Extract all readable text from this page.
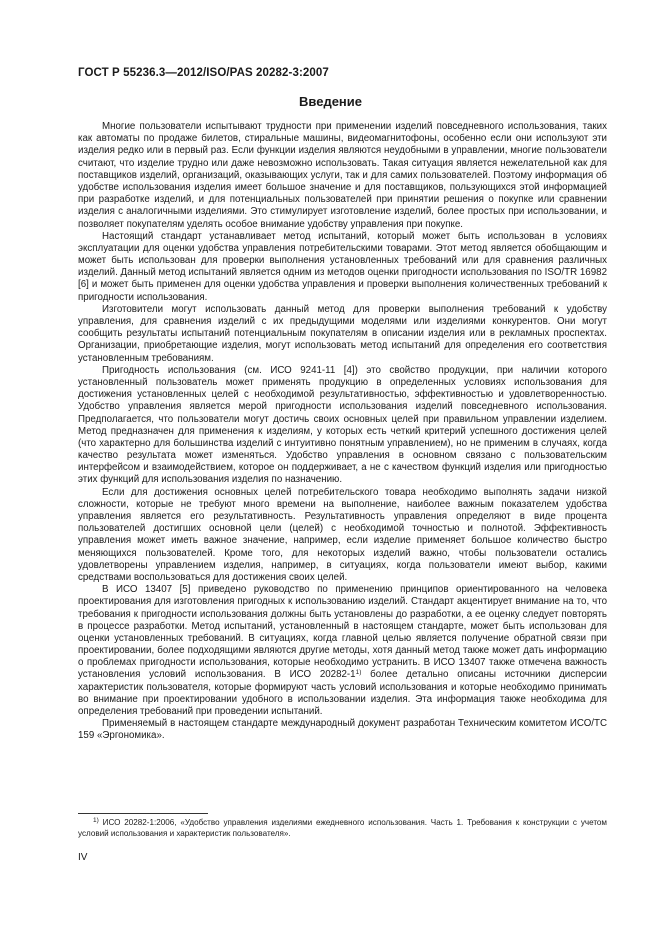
ГОСТ Р 55236.3—2012/ISO/PAS 20282-3:2007
Введение

Многие пользователи испытывают трудности при применении изделий повседневного использования, таких как автоматы по продаже билетов, стиральные машины, видеомагнитофоны, особенно если они используют эти изделия редко или в первый раз. Если функции изделия являются неудобными в управлении, многие пользователи считают, что изделие трудно или даже невозможно использовать. Такая ситуация является нежелательной как для поставщиков изделий, организаций, оказывающих услуги, так и для самих пользователей. Поэтому информация об удобстве использования изделия имеет большое значение и для поставщиков, пользующихся этой информацией при разработке изделий, и для потенциальных пользователей при принятии решения о покупке или сравнении изделия с аналогичными изделиями. Это стимулирует изготовление изделий, более простых при использовании, и позволяет покупателям уделять особое внимание удобству управления при покупке.

Настоящий стандарт устанавливает метод испытаний, который может быть использован в условиях эксплуатации для оценки удобства управления потребительскими товарами. Этот метод является обобщающим и может быть использован для проверки выполнения установленных требований или для сравнения различных изделий. Данный метод испытаний является одним из методов оценки пригодности использования по ISO/TR 16982 [6] и может быть применен для оценки удобства управления и проверки выполнения количественных требований к пригодности использования.

Изготовители могут использовать данный метод для проверки выполнения требований к удобству управления, для сравнения изделий с их предыдущими моделями или изделиями конкурентов. Они могут сообщить результаты испытаний потенциальным покупателям в описании изделия или в рекламных проспектах. Организации, приобретающие изделия, могут использовать метод испытаний для определения его соответствия установленным требованиям.

Пригодность использования (см. ИСО 9241-11 [4]) это свойство продукции, при наличии которого установленный пользователь может применять продукцию в определенных условиях использования для достижения установленных целей с необходимой результативностью, эффективностью и удовлетворенностью. Удобство управления является мерой пригодности использования изделий повседневного использования. Предполагается, что пользователи могут достичь своих основных целей при правильном управлении изделием. Метод предназначен для применения к изделиям, у которых есть четкий критерий успешного достижения целей (что характерно для большинства изделий с интуитивно понятным управлением), но не применим в случаях, когда качество результата может изменяться. Удобство управления в основном связано с пользовательским интерфейсом и взаимодействием, которое он поддерживает, а не с качеством функций изделия или пригодностью этих функций для использования изделия по назначению.

Если для достижения основных целей потребительского товара необходимо выполнять задачи низкой сложности, которые не требуют много времени на выполнение, наиболее важным показателем удобства управления является его результативность. Результативность управления определяют в виде процента пользователей достигших основной цели (целей) с необходимой точностью и полнотой. Эффективность управления может иметь важное значение, например, если изделие применяет большое количество быстро меняющихся пользователей. Кроме того, для некоторых изделий важно, чтобы пользователи остались удовлетворены управлением изделия, например, в ситуациях, когда пользователи имеют выбор, какими средствами воспользоваться для достижения своих целей.

В ИСО 13407 [5] приведено руководство по применению принципов ориентированного на человека проектирования для изготовления пригодных к использованию изделий. Стандарт акцентирует внимание на то, что требования к пригодности использования должны быть установлены до разработки, а ее оценку следует повторять в процессе разработки. Метод испытаний, установленный в настоящем стандарте, может быть использован для оценки установленных требований. В ситуациях, когда главной целью является получение обратной связи при проектировании, более подходящими являются другие методы, хотя данный метод также может дать информацию о проблемах пригодности использования, которые необходимо устранить. В ИСО 13407 также отмечена важность установления условий использования. В ИСО 20282-1$^{1)}$ более детально описаны источники дисперсии характеристик пользователя, которые формируют часть условий использования и которые необходимо принимать во внимание при проектировании удобного в использовании изделия. Эта информация также необходима для определения требований при проведении испытаний.

Применяемый в настоящем стандарте международный документ разработан Техническим комитетом ИСО/ТС 159 «Эргономика».

$^{1)}$ ИСО 20282-1:2006, «Удобство управления изделиями ежедневного использования. Часть 1. Требования к конструкции с учетом условий использования и характеристик пользователя».

IV
